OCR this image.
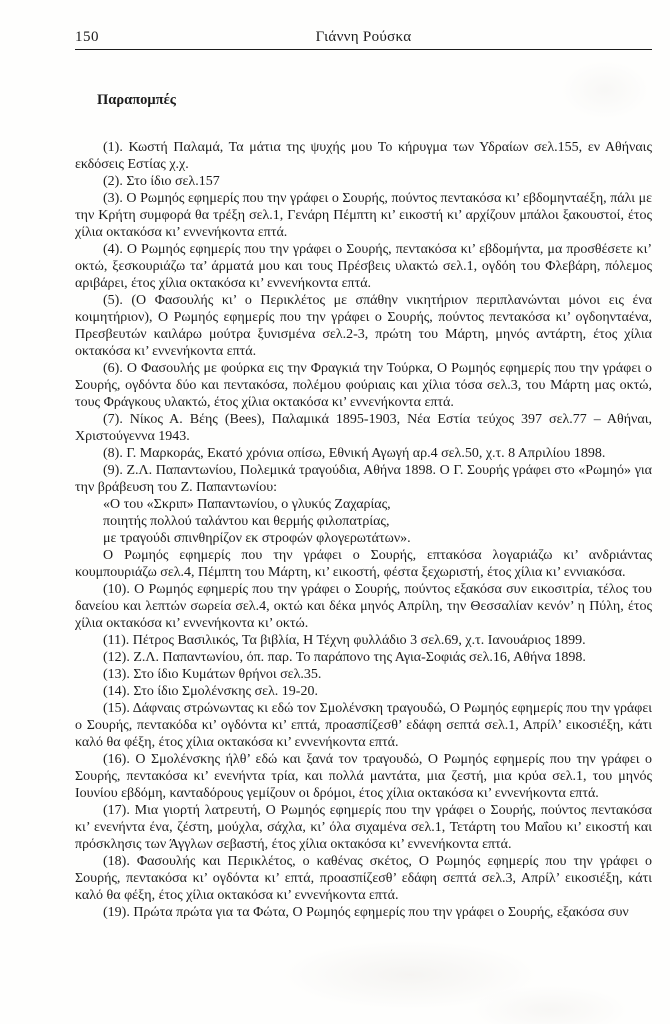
150	Γιάννη Ρούσκα
Παραπομπές

(1). Κωστή Παλαμά, Τα μάτια της ψυχής μου Το κήρυγμα των Υδραίων σελ.155, εν Αθήναις εκδόσεις Εστίας χ.χ.

(2). Στο ίδιο σελ.157

(3). Ο Ρωμηός εφημερίς που την γράφει ο Σουρής, πούντος πεντακόσα κι’ εβδομηνταέξη, πάλι με την Κρήτη συμφορά θα τρέξη σελ.1, Γενάρη Πέμπτη κι’ εικοστή κι’ αρχίζουν μπάλοι ξακουστοί, έτος χίλια οκτακόσα κι’ εννενήκοντα επτά.

(4). Ο Ρωμηός εφημερίς που την γράφει ο Σουρής, πεντακόσα κι’ εβδομήντα, μα προσθέσετε κι’ οκτώ, ξεσκουριάζω τα’ άρματά μου και τους Πρέσβεις υλακτώ σελ.1, ογδόη του Φλεβάρη, πόλεμος αριβάρει, έτος χίλια οκτακόσα κι’ εννενήκοντα επτά.

(5). (Ο Φασουλής κι’ ο Περικλέτος με σπάθην νικητήριον περιπλανώνται μόνοι εις ένα κοιμητήριον), Ο Ρωμηός εφημερίς που την γράφει ο Σουρής, πούντος πεντακόσα κι’ ογδοηνταένα, Πρεσβευτών καιλάρω μούτρα ξυνισμένα σελ.2-3, πρώτη του Μάρτη, μηνός αντάρτη, έτος χίλια οκτακόσα κι’ εννενήκοντα επτά.

(6). Ο Φασουλής με φούρκα εις την Φραγκιά την Τούρκα, Ο Ρωμηός εφημερίς που την γράφει ο Σουρής, ογδόντα δύο και πεντακόσα, πολέμου φούριαις και χίλια τόσα σελ.3, του Μάρτη μας οκτώ, τους Φράγκους υλακτώ, έτος χίλια οκτακόσα κι’ εννενήκοντα επτά.

(7). Νίκος Α. Βέης (Bees), Παλαμικά 1895-1903, Νέα Εστία τεύχος 397 σελ.77 – Αθήναι, Χριστούγεννα 1943.

(8). Γ. Μαρκοράς, Εκατό χρόνια οπίσω, Εθνική Αγωγή αρ.4 σελ.50, χ.τ. 8 Απριλίου 1898.

(9). Ζ.Λ. Παπαντωνίου, Πολεμικά τραγούδια, Αθήνα 1898. Ο Γ. Σουρής γράφει στο «Ρωμηό» για την βράβευση του Ζ. Παπαντωνίου:

«Ο του «Σκριπ» Παπαντωνίου, ο γλυκύς Ζαχαρίας,

ποιητής πολλού ταλάντου και θερμής φιλοπατρίας,

με τραγούδι σπινθηρίζον εκ στροφών φλογερωτάτων».

Ο Ρωμηός εφημερίς που την γράφει ο Σουρής, επτακόσα λογαριάζω κι’ ανδριάντας κουμπουριάζω σελ.4, Πέμπτη του Μάρτη, κι’ εικοστή, φέστα ξεχωριστή, έτος χίλια κι’ εννιακόσα.

(10). Ο Ρωμηός εφημερίς που την γράφει ο Σουρής, πούντος εξακόσα συν εικοσιτρία, τέλος του δανείου και λεπτών σωρεία σελ.4, οκτώ και δέκα μηνός Απρίλη, την Θεσσαλίαν κενόν’ η Πύλη, έτος χίλια οκτακόσα κι’ εννενήκοντα κι’ οκτώ.

(11). Πέτρος Βασιλικός, Τα βιβλία, Η Τέχνη φυλλάδιο 3 σελ.69, χ.τ. Ιανουάριος 1899.

(12). Ζ.Λ. Παπαντωνίου, όπ. παρ. Το παράπονο της Αγια-Σοφιάς σελ.16, Αθήνα 1898.

(13). Στο ίδιο Κυμάτων θρήνοι σελ.35.

(14). Στο ίδιο Σμολένσκης σελ. 19-20.

(15). Δάφναις στρώνωντας κι εδώ τον Σμολένσκη τραγουδώ, Ο Ρωμηός εφημερίς που την γράφει ο Σουρής, πεντακόδα κι’ ογδόντα κι’ επτά, προασπίζεσθ’ εδάφη σεπτά σελ.1, Απρίλ’ εικοσιέξη, κάτι καλό θα φέξη, έτος χίλια οκτακόσα κι’ εννενήκοντα επτά.

(16). Ο Σμολένσκης ήλθ’ εδώ και ξανά τον τραγουδώ, Ο Ρωμηός εφημερίς που την γράφει ο Σουρής, πεντακόσα κι’ ενενήντα τρία, και πολλά μαντάτα, μια ζεστή, μια κρύα σελ.1, του μηνός Ιουνίου εβδόμη, κανταδόρους γεμίζουν οι δρόμοι, έτος χίλια οκτακόσα κι’ εννενήκοντα επτά.

(17). Μια γιορτή λατρευτή, Ο Ρωμηός εφημερίς που την γράφει ο Σουρής, πούντος πεντακόσα κι’ ενενήντα ένα, ζέστη, μούχλα, σάχλα, κι’ όλα σιχαμένα σελ.1, Τετάρτη του Μαΐου κι’ εικοστή και πρόσκλησις των Άγγλων σεβαστή, έτος χίλια οκτακόσα κι’ εννενήκοντα επτά.

(18). Φασουλής και Περικλέτος, ο καθένας σκέτος, Ο Ρωμηός εφημερίς που την γράφει ο Σουρής, πεντακόσα κι’ ογδόντα κι’ επτά, προασπίζεσθ’ εδάφη σεπτά σελ.3, Απρίλ’ εικοσιέξη, κάτι καλό θα φέξη, έτος χίλια οκτακόσα κι’ εννενήκοντα επτά.

(19). Πρώτα πρώτα για τα Φώτα, Ο Ρωμηός εφημερίς που την γράφει ο Σουρής, εξακόσα συν
